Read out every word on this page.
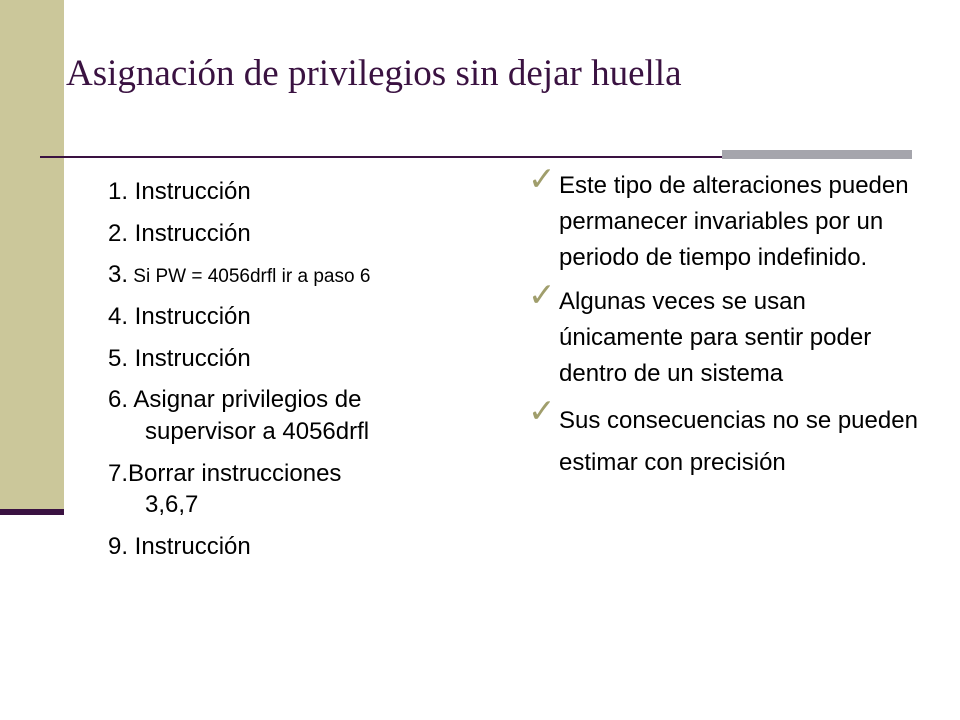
Asignación de privilegios sin dejar huella
1. Instrucción
2. Instrucción
3. Si PW = 4056drfl ir a paso 6
4. Instrucción
5. Instrucción
6. Asignar privilegios de
supervisor a 4056drfl
7.Borrar instrucciones
3,6,7
9. Instrucción
✓ Este tipo de alteraciones pueden permanecer invariables por un periodo de tiempo indefinido.
✓ Algunas veces se usan únicamente para sentir poder dentro de un sistema
✓ Sus consecuencias no se pueden estimar con precisión
